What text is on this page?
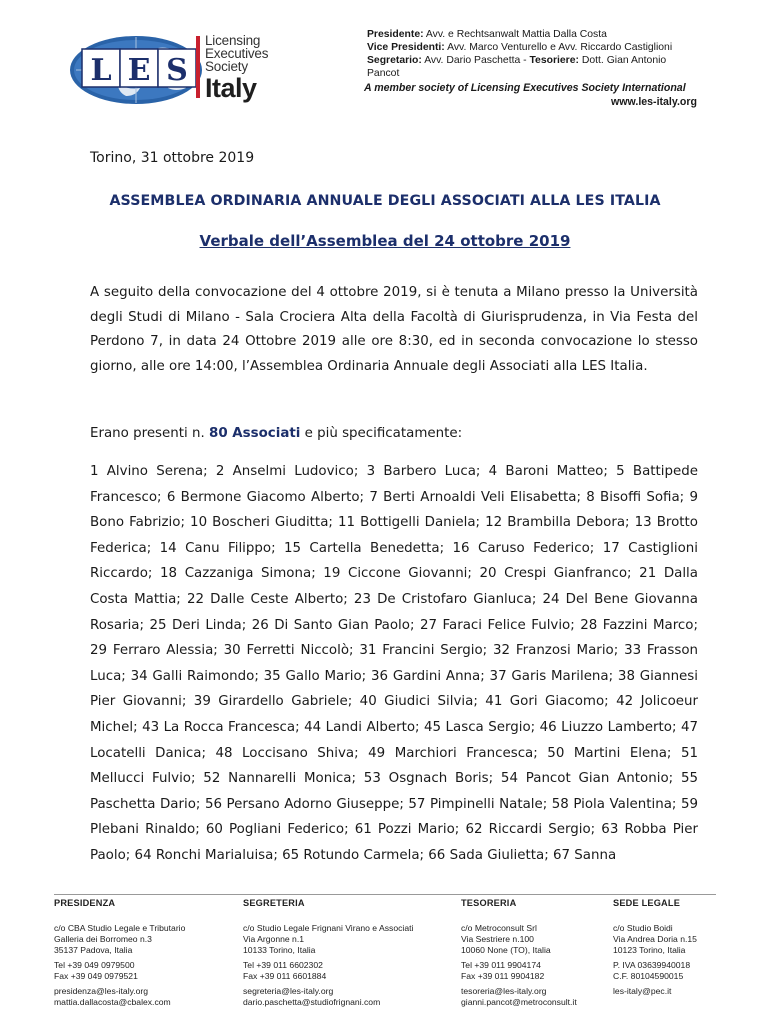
L E S
Licensing
Executives
Society
Italy
Presidente: Avv. e Rechtsanwalt Mattia Dalla Costa
Vice Presidenti: Avv. Marco Venturello e Avv. Riccardo Castiglioni
Segretario: Avv. Dario Paschetta - Tesoriere: Dott. Gian Antonio Pancot
A member society of Licensing Executives Society International
www.les-italy.org
Torino, 31 ottobre 2019
ASSEMBLEA ORDINARIA ANNUALE DEGLI ASSOCIATI ALLA LES ITALIA
Verbale dell’Assemblea del 24 ottobre 2019
A seguito della convocazione del 4 ottobre 2019, si è tenuta a Milano presso la Università degli Studi di Milano - Sala Crociera Alta della Facoltà di Giurisprudenza, in Via Festa del Perdono 7, in data 24 Ottobre 2019 alle ore 8:30, ed in seconda convocazione lo stesso giorno, alle ore 14:00, l’Assemblea Ordinaria Annuale degli Associati alla LES Italia.
Erano presenti n. 80 Associati e più specificatamente:
1 Alvino Serena; 2 Anselmi Ludovico; 3 Barbero Luca; 4 Baroni Matteo; 5 Battipede Francesco; 6 Bermone Giacomo Alberto; 7 Berti Arnoaldi Veli Elisabetta; 8 Bisoffi Sofia; 9 Bono Fabrizio; 10 Boscheri Giuditta; 11 Bottigelli Daniela; 12 Brambilla Debora; 13 Brotto Federica; 14 Canu Filippo; 15 Cartella Benedetta; 16 Caruso Federico; 17 Castiglioni Riccardo; 18 Cazzaniga Simona; 19 Ciccone Giovanni; 20 Crespi Gianfranco; 21 Dalla Costa Mattia; 22 Dalle Ceste Alberto; 23 De Cristofaro Gianluca; 24 Del Bene Giovanna Rosaria; 25 Deri Linda; 26 Di Santo Gian Paolo; 27 Faraci Felice Fulvio; 28 Fazzini Marco; 29 Ferraro Alessia; 30 Ferretti Niccolò; 31 Francini Sergio; 32 Franzosi Mario; 33 Frasson Luca; 34 Galli Raimondo; 35 Gallo Mario; 36 Gardini Anna; 37 Garis Marilena; 38 Giannesi Pier Giovanni; 39 Girardello Gabriele; 40 Giudici Silvia; 41 Gori Giacomo; 42 Jolicoeur Michel; 43 La Rocca Francesca; 44 Landi Alberto; 45 Lasca Sergio; 46 Liuzzo Lamberto; 47 Locatelli Danica; 48 Loccisano Shiva; 49 Marchiori Francesca; 50 Martini Elena; 51 Mellucci Fulvio; 52 Nannarelli Monica; 53 Osgnach Boris; 54 Pancot Gian Antonio; 55 Paschetta Dario; 56 Persano Adorno Giuseppe; 57 Pimpinelli Natale; 58 Piola Valentina; 59 Plebani Rinaldo; 60 Pogliani Federico; 61 Pozzi Mario; 62 Riccardi Sergio; 63 Robba Pier Paolo; 64 Ronchi Marialuisa; 65 Rotundo Carmela; 66 Sada Giulietta; 67 Sanna
PRESIDENZA
c/o CBA Studio Legale e Tributario
Galleria dei Borromeo n.3
35137 Padova, Italia
Tel +39 049 0979500
Fax +39 049 0979521
presidenza@les-italy.org
mattia.dallacosta@cbalex.com
SEGRETERIA
c/o Studio Legale Frignani Virano e Associati
Via Argonne n.1
10133 Torino, Italia
Tel +39 011 6602302
Fax +39 011 6601884
segreteria@les-italy.org
dario.paschetta@studiofrignani.com
TESORERIA
c/o Metroconsult Srl
Via Sestriere n.100
10060 None (TO), Italia
Tel +39 011 9904174
Fax +39 011 9904182
tesoreria@les-italy.org
gianni.pancot@metroconsult.it
SEDE LEGALE
c/o Studio Boidi
Via Andrea Doria n.15
10123 Torino, Italia
P. IVA 03639940018
C.F. 80104590015
les-italy@pec.it
